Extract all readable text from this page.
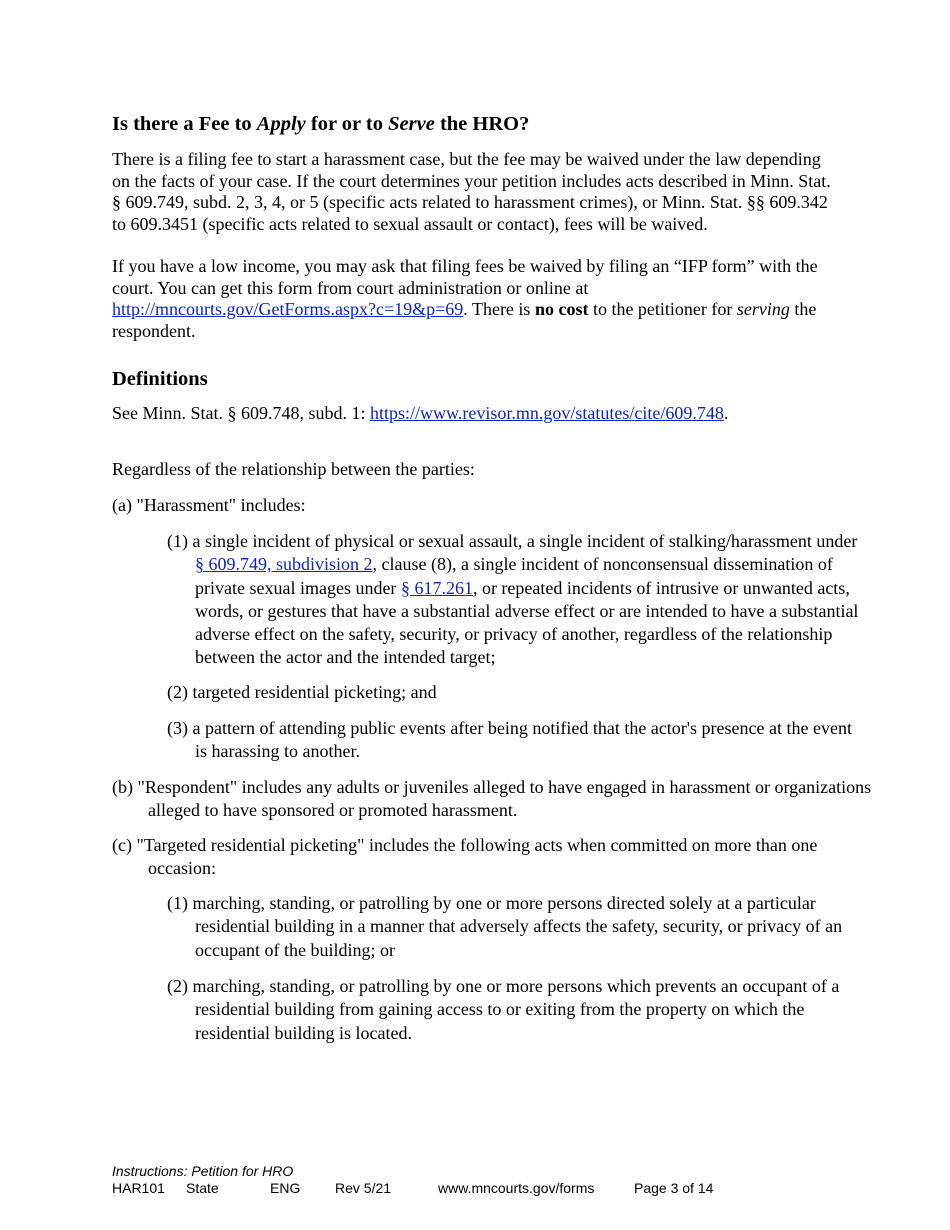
Is there a Fee to Apply for or to Serve the HRO?
There is a filing fee to start a harassment case, but the fee may be waived under the law depending on the facts of your case. If the court determines your petition includes acts described in Minn. Stat. § 609.749, subd. 2, 3, 4, or 5 (specific acts related to harassment crimes), or Minn. Stat. §§ 609.342 to 609.3451 (specific acts related to sexual assault or contact), fees will be waived.
If you have a low income, you may ask that filing fees be waived by filing an “IFP form” with the court. You can get this form from court administration or online at http://mncourts.gov/GetForms.aspx?c=19&p=69. There is no cost to the petitioner for serving the respondent.
Definitions
See Minn. Stat. § 609.748, subd. 1: https://www.revisor.mn.gov/statutes/cite/609.748.
Regardless of the relationship between the parties:
(a) "Harassment" includes:
(1) a single incident of physical or sexual assault, a single incident of stalking/harassment under § 609.749, subdivision 2, clause (8), a single incident of nonconsensual dissemination of private sexual images under § 617.261, or repeated incidents of intrusive or unwanted acts, words, or gestures that have a substantial adverse effect or are intended to have a substantial adverse effect on the safety, security, or privacy of another, regardless of the relationship between the actor and the intended target;
(2) targeted residential picketing; and
(3) a pattern of attending public events after being notified that the actor's presence at the event is harassing to another.
(b) "Respondent" includes any adults or juveniles alleged to have engaged in harassment or organizations alleged to have sponsored or promoted harassment.
(c) "Targeted residential picketing" includes the following acts when committed on more than one occasion:
(1) marching, standing, or patrolling by one or more persons directed solely at a particular residential building in a manner that adversely affects the safety, security, or privacy of an occupant of the building; or
(2) marching, standing, or patrolling by one or more persons which prevents an occupant of a residential building from gaining access to or exiting from the property on which the residential building is located.
Instructions: Petition for HRO
HAR101 State	ENG Rev 5/21	www.mncourts.gov/forms	Page 3 of 14
